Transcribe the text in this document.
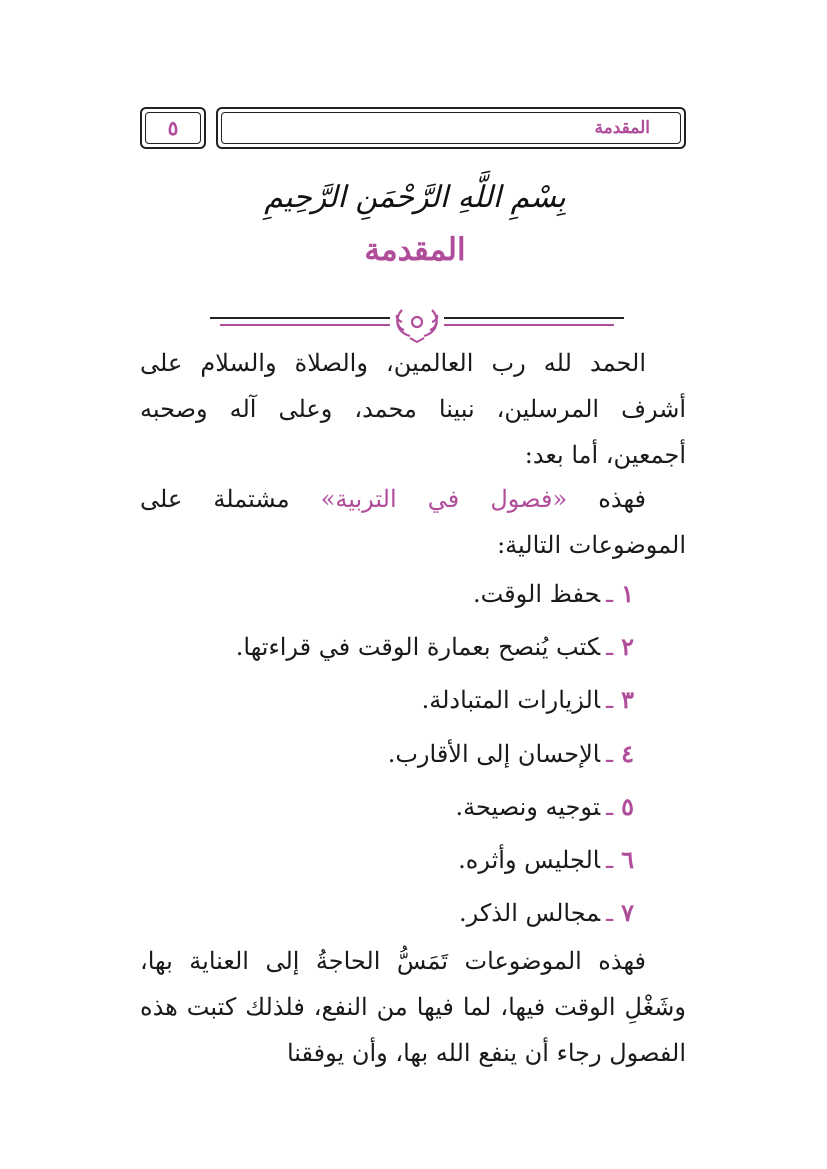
٥	المقدمة
بِسْمِ اللَّهِ الرَّحْمَنِ الرَّحِيمِ
المقدمة
الحمد لله رب العالمين، والصلاة والسلام على أشرف المرسلين، نبينا محمد، وعلى آله وصحبه أجمعين، أما بعد:
فهذه «فصول في التربية» مشتملة على الموضوعات التالية:
١ـحفظ الوقت.
٢ـكتب يُنصح بعمارة الوقت في قراءتها.
٣ـالزيارات المتبادلة.
٤ـالإحسان إلى الأقارب.
٥ـتوجيه ونصيحة.
٦ـالجليس وأثره.
٧ـمجالس الذكر.
فهذه الموضوعات تَمَسُّ الحاجةُ إلى العناية بها، وشَغْلِ الوقت فيها، لما فيها من النفع، فلذلك كتبت هذه الفصول رجاء أن ينفع الله بها، وأن يوفقنا
